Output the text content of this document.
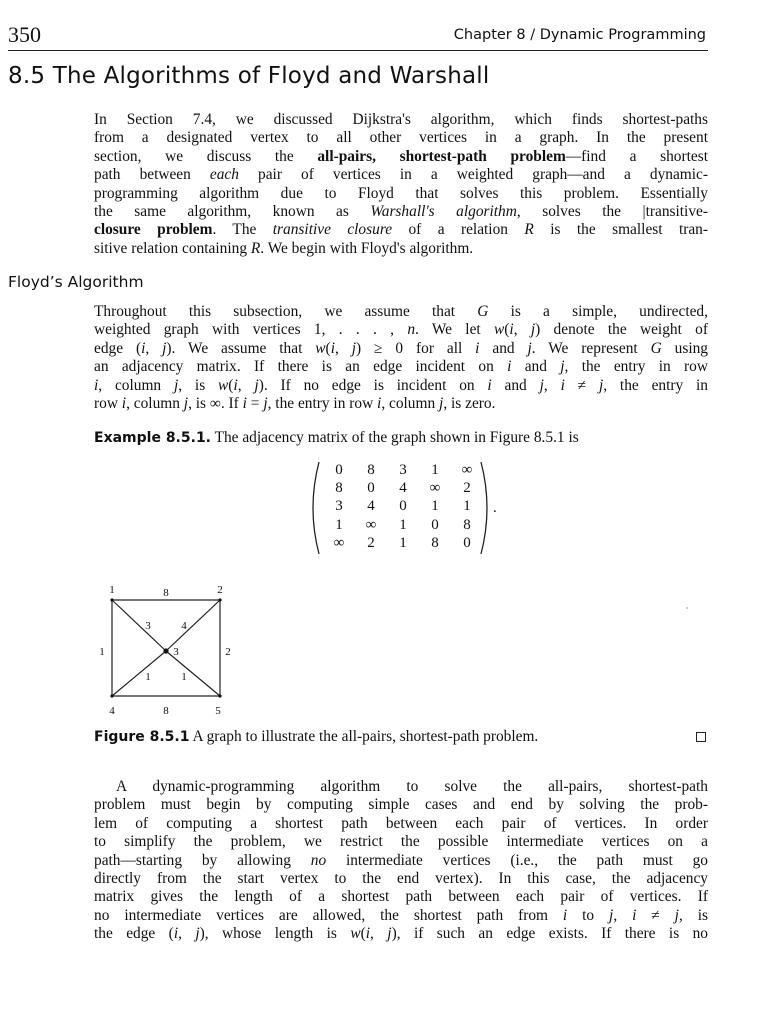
350	Chapter 8 / Dynamic Programming
8.5 The Algorithms of Floyd and Warshall
In Section 7.4, we discussed Dijkstra's algorithm, which finds shortest-paths
from a designated vertex to all other vertices in a graph. In the present
section, we discuss the all-pairs, shortest-path problem—find a shortest
path between each pair of vertices in a weighted graph—and a dynamic-
programming algorithm due to Floyd that solves this problem. Essentially
the same algorithm, known as Warshall's algorithm, solves the |transitive-
closure problem. The transitive closure of a relation R is the smallest tran-
sitive relation containing R. We begin with Floyd's algorithm.
Floyd’s Algorithm
Throughout this subsection, we assume that G is a simple, undirected,
weighted graph with vertices 1, . . . , n. We let w(i, j) denote the weight of
edge (i, j). We assume that w(i, j) ≥ 0 for all i and j. We represent G using
an adjacency matrix. If there is an edge incident on i and j, the entry in row
i, column j, is w(i, j). If no edge is incident on i and j, i ≠ j, the entry in
row i, column j, is ∞. If i = j, the entry in row i, column j, is zero.
Example 8.5.1. The adjacency matrix of the graph shown in Figure 8.5.1 is
0	8	3	1	∞
8	0	4	∞	2
3	4	0	1	1
1	∞	1	0	8
∞	2	1	8	0
.
8
3	4
1	2
1	1
8
1	2
3
4	5
Figure 8.5.1 A graph to illustrate the all-pairs, shortest-path problem.
A dynamic-programming algorithm to solve the all-pairs, shortest-path
problem must begin by computing simple cases and end by solving the prob-
lem of computing a shortest path between each pair of vertices. In order
to simplify the problem, we restrict the possible intermediate vertices on a
path—starting by allowing no intermediate vertices (i.e., the path must go
directly from the start vertex to the end vertex). In this case, the adjacency
matrix gives the length of a shortest path between each pair of vertices. If
no intermediate vertices are allowed, the shortest path from i to j, i ≠ j, is
the edge (i, j), whose length is w(i, j), if such an edge exists. If there is no
